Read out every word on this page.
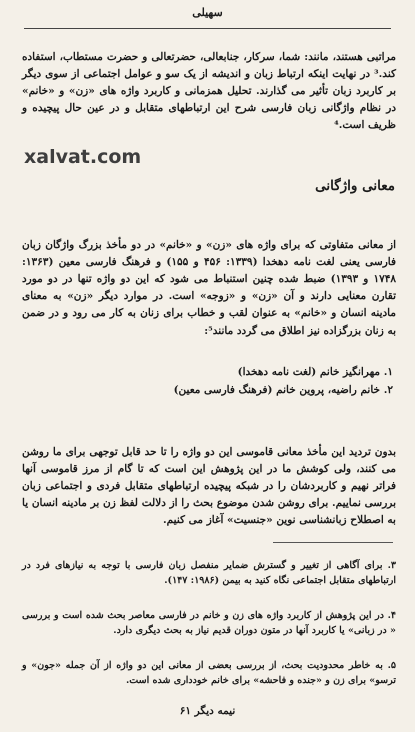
سهیلی

مراتبی هستند، مانند: شما، سرکار، جنابعالی، حضرتعالی و حضرت مستطاب، استفاده کند.³ در نهایت اینکه ارتباط زبان و اندیشه از یک سو و عوامل اجتماعی از سوی دیگر بر کاربرد زبان تأثیر می گذارند. تحلیل همزمانی و کاربرد واژه های «زن» و «خانم» در نظام واژگانی زبان فارسی شرح این ارتباطهای متقابل و در عین حال پیچیده و ظریف است.⁴

xalvat.com
معانی واژگانی

از معانی متفاوتی که برای واژه های «زن» و «خانم» در دو مأخذ بزرگ واژگان زبان فارسی یعنی لغت نامه دهخدا (۱۳۳۹: ۴۵۶ و ۱۵۵) و فرهنگ فارسی معین (۱۳۶۳: ۱۷۴۸ و ۱۳۹۳) ضبط شده چنین استنباط می شود که این دو واژه تنها در دو مورد تقارن معنایی دارند و آن «زن» و «زوجه» است. در موارد دیگر «زن» به معنای مادینه انسان و «خانم» به عنوان لقب و خطاب برای زنان به کار می رود و در ضمن به زنان بزرگزاده نیز اطلاق می گردد مانند⁵:

۱. مهرانگیز خانم (لغت نامه دهخدا)
۲. خانم راضیه، پروین خانم (فرهنگ فارسی معین)

بدون تردید این مأخذ معانی قاموسی این دو واژه را تا حد قابل توجهی برای ما روشن می کنند، ولی کوشش ما در این پژوهش این است که تا گام از مرز قاموسی آنها فراتر نهیم و کاربردشان را در شبکه پیچیده ارتباطهای متقابل فردی و اجتماعی زبان بررسی نماییم. برای روشن شدن موضوع بحث را از دلالت لفظ زن بر مادینه انسان یا به اصطلاح زبانشناسی نوین «جنسیت» آغاز می کنیم.

۳. برای آگاهی از تغییر و گسترش ضمایر منفصل زبان فارسی با توجه به نیازهای فرد در ارتباطهای متقابل اجتماعی نگاه کنید به بیمن (۱۹۸۶: ۱۴۷).

۴. در این پژوهش از کاربرد واژه های زن و خانم در فارسی معاصر بحث شده است و بررسی « در زبانی» یا کاربرد آنها در متون دوران قدیم نیاز به بحث دیگری دارد.

۵. به خاطر محدودیت بحث، از بررسی بعضی از معانی این دو واژه از آن جمله «جون» و ترسو» برای زن و «جنده و فاحشه» برای خانم خودداری شده است.

نیمه دیگر ۶۱
